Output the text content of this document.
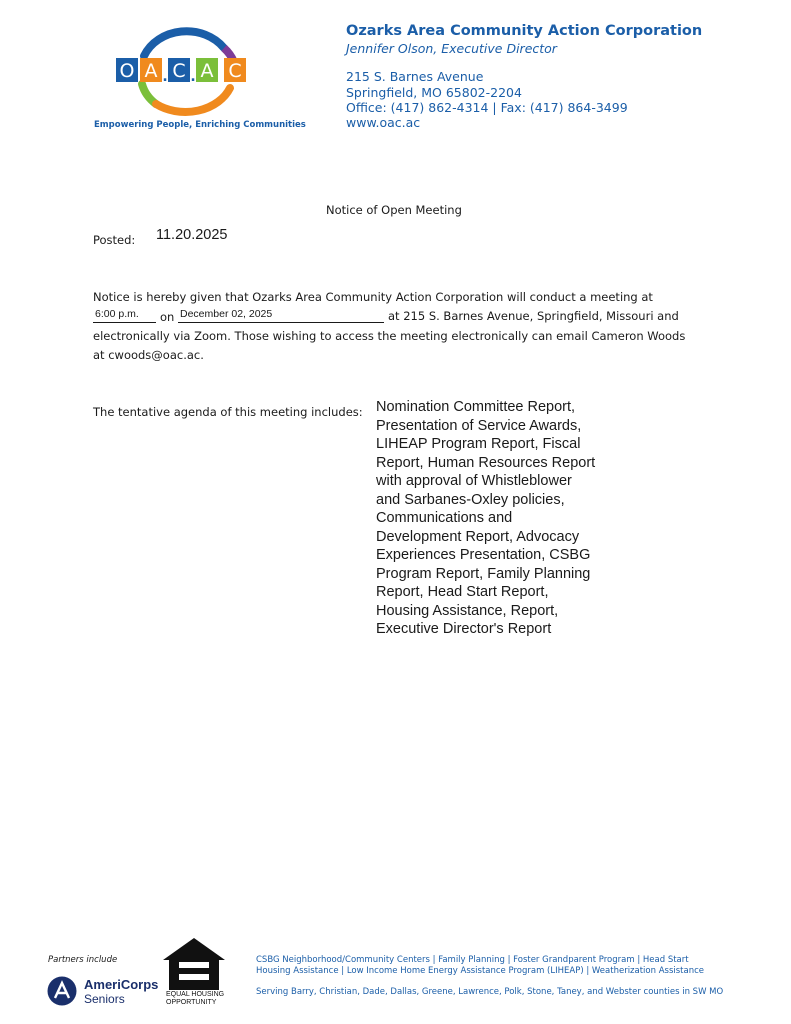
O A C A C
. .
Empowering People, Enriching Communities
Ozarks Area Community Action Corporation
Jennifer Olson, Executive Director
215 S. Barnes Avenue
Springfield, MO 65802-2204
Office: (417) 862-4314 | Fax: (417) 864-3499
www.oac.ac
Notice of Open Meeting
Posted: 11.20.2025
Notice is hereby given that Ozarks Area Community Action Corporation will conduct a meeting at
6:00 p.m. on December 02, 2025	at 215 S. Barnes Avenue, Springfield, Missouri and
electronically via Zoom. Those wishing to access the meeting electronically can email Cameron Woods
at cwoods@oac.ac.
The tentative agenda of this meeting includes: Nomination Committee Report,
Presentation of Service Awards,
LIHEAP Program Report, Fiscal
Report, Human Resources Report
with approval of Whistleblower
and Sarbanes-Oxley policies,
Communications and
Development Report, Advocacy
Experiences Presentation, CSBG
Program Report, Family Planning
Report, Head Start Report,
Housing Assistance, Report,
Executive Director's Report
Partners include
AmeriCorps
Seniors	EQUAL HOUSING
OPPORTUNITY
CSBG Neighborhood/Community Centers | Family Planning | Foster Grandparent Program | Head Start
Housing Assistance | Low Income Home Energy Assistance Program (LIHEAP) | Weatherization Assistance
Serving Barry, Christian, Dade, Dallas, Greene, Lawrence, Polk, Stone, Taney, and Webster counties in SW MO
